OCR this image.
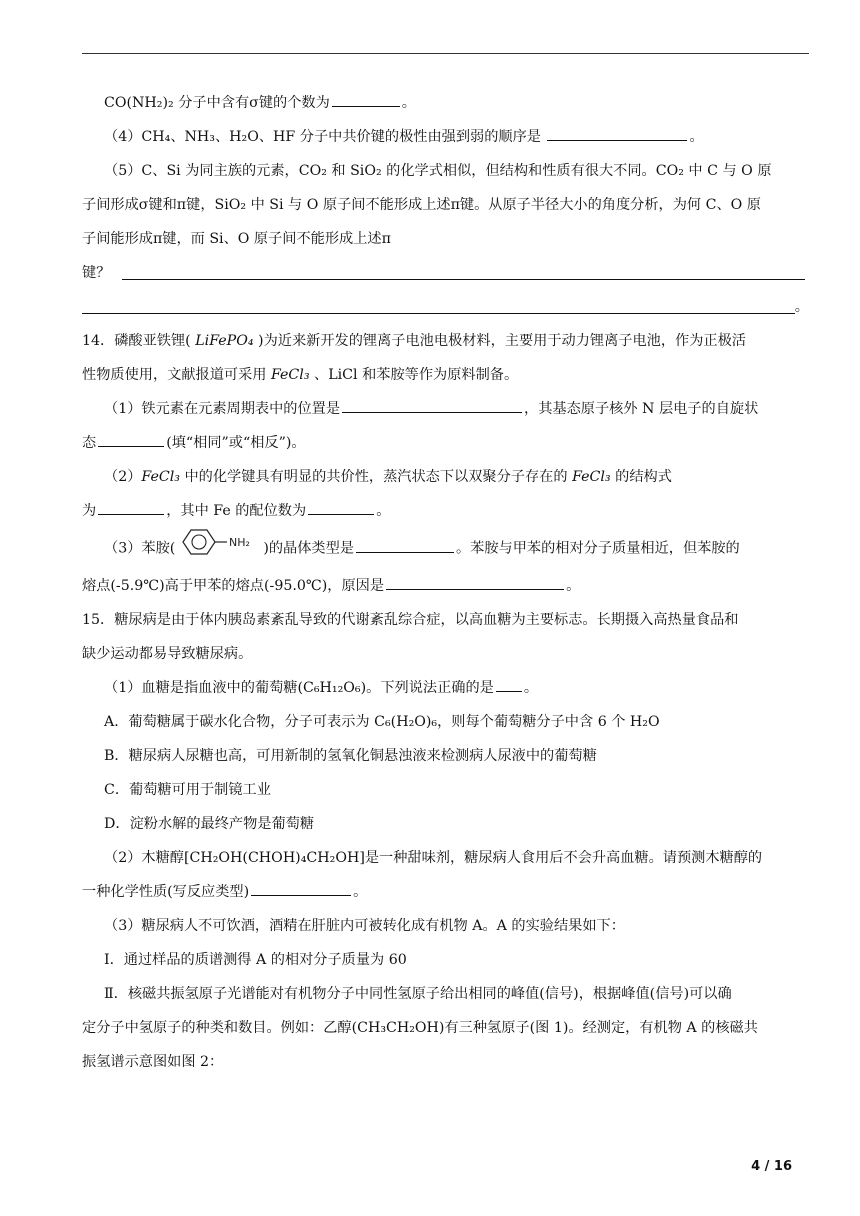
CO(NH₂)₂ 分子中含有σ键的个数为	。

（4）CH₄、NH₃、H₂O、HF 分子中共价键的极性由强到弱的顺序是	。

（5）C、Si 为同主族的元素，CO₂ 和 SiO₂ 的化学式相似，但结构和性质有很大不同。CO₂ 中 C 与 O 原

子间形成σ键和π键，SiO₂ 中 Si 与 O 原子间不能形成上述π键。从原子半径大小的角度分析，为何 C、O 原

子间能形成π键，而 Si、O 原子间不能形成上述π

键？
。

14．磷酸亚铁锂( LiFePO₄ )为近来新开发的锂离子电池电极材料，主要用于动力锂离子电池，作为正极活

性物质使用，文献报道可采用 FeCl₃ 、LiCl 和苯胺等作为原料制备。

（1）铁元素在元素周期表中的位置是	，其基态原子核外 N 层电子的自旋状

态	(填“相同”或“相反”)。

（2）FeCl₃ 中的化学键具有明显的共价性，蒸汽状态下以双聚分子存在的 FeCl₃ 的结构式

为	，其中 Fe 的配位数为	。

（3）苯胺(	NH₂ )的晶体类型是	。苯胺与甲苯的相对分子质量相近，但苯胺的

熔点(-5.9℃)高于甲苯的熔点(-95.0℃)，原因是	。

15．糖尿病是由于体内胰岛素紊乱导致的代谢紊乱综合症，以高血糖为主要标志。长期摄入高热量食品和

缺少运动都易导致糖尿病。

（1）血糖是指血液中的葡萄糖(C₆H₁₂O₆)。下列说法正确的是 。

A．葡萄糖属于碳水化合物，分子可表示为 C₆(H₂O)₆，则每个葡萄糖分子中含 6 个 H₂O

B．糖尿病人尿糖也高，可用新制的氢氧化铜悬浊液来检测病人尿液中的葡萄糖

C．葡萄糖可用于制镜工业

D．淀粉水解的最终产物是葡萄糖

（2）木糖醇[CH₂OH(CHOH)₄CH₂OH]是一种甜味剂，糖尿病人食用后不会升高血糖。请预测木糖醇的

一种化学性质(写反应类型)	。

（3）糖尿病人不可饮酒，酒精在肝脏内可被转化成有机物 A。A 的实验结果如下：

Ⅰ．通过样品的质谱测得 A 的相对分子质量为 60

Ⅱ．核磁共振氢原子光谱能对有机物分子中同性氢原子给出相同的峰值(信号)，根据峰值(信号)可以确

定分子中氢原子的种类和数目。例如：乙醇(CH₃CH₂OH)有三种氢原子(图 1)。经测定，有机物 A 的核磁共

振氢谱示意图如图 2：

4 / 16
